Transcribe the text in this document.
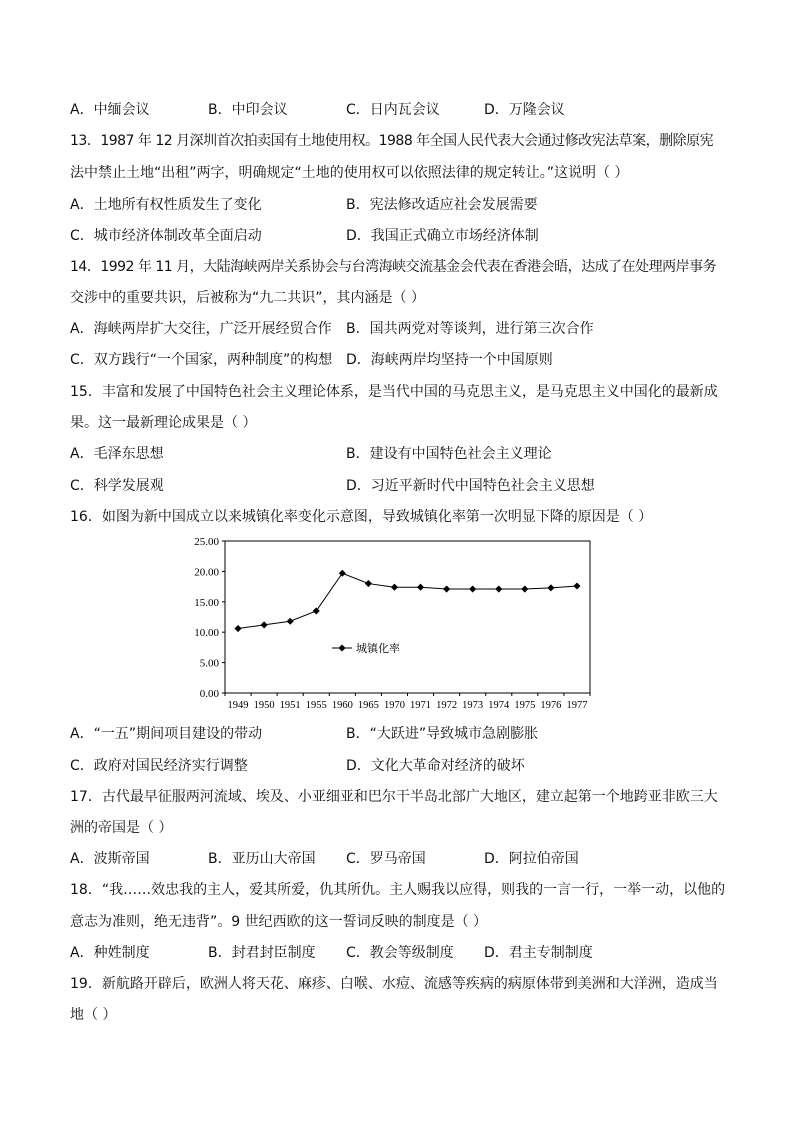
A．中缅会议	B．中印会议	C．日内瓦会议	D．万隆会议
13．1987 年 12 月深圳首次拍卖国有土地使用权。1988 年全国人民代表大会通过修改宪法草案，删除原宪
法中禁止土地“出租”两字，明确规定“土地的使用权可以依照法律的规定转让。”这说明（ ）
A．土地所有权性质发生了变化	B．宪法修改适应社会发展需要
C．城市经济体制改革全面启动	D．我国正式确立市场经济体制
14．1992 年 11 月，大陆海峡两岸关系协会与台湾海峡交流基金会代表在香港会晤，达成了在处理两岸事务
交涉中的重要共识，后被称为“九二共识”，其内涵是（ ）
A．海峡两岸扩大交往，广泛开展经贸合作 B．国共两党对等谈判，进行第三次合作
C．双方践行“一个国家，两种制度”的构想 D．海峡两岸均坚持一个中国原则
15．丰富和发展了中国特色社会主义理论体系，是当代中国的马克思主义，是马克思主义中国化的最新成
果。这一最新理论成果是（ ）
A．毛泽东思想	B．建设有中国特色社会主义理论
C．科学发展观	D．习近平新时代中国特色社会主义思想
16．如图为新中国成立以来城镇化率变化示意图，导致城镇化率第一次明显下降的原因是（ ）
0.00
5.00
10.00
15.00
20.00
25.00
1949 1950 1951 1955 1960 1965 1970 1971 1972 1973 1974 1975 1976 1977
城镇化率
A．“一五”期间项目建设的带动	B．“大跃进”导致城市急剧膨胀
C．政府对国民经济实行调整	D．文化大革命对经济的破坏
17．古代最早征服两河流域、埃及、小亚细亚和巴尔干半岛北部广大地区，建立起第一个地跨亚非欧三大
洲的帝国是（ ）
A．波斯帝国	B．亚历山大帝国 C．罗马帝国	D．阿拉伯帝国
18．“我……效忠我的主人，爱其所爱，仇其所仇。主人赐我以应得，则我的一言一行，一举一动，以他的
意志为准则，绝无违背”。9 世纪西欧的这一誓词反映的制度是（ ）
A．种姓制度	B．封君封臣制度 C．教会等级制度 D．君主专制制度
19．新航路开辟后，欧洲人将天花、麻疹、白喉、水痘、流感等疾病的病原体带到美洲和大洋洲，造成当
地（ ）
